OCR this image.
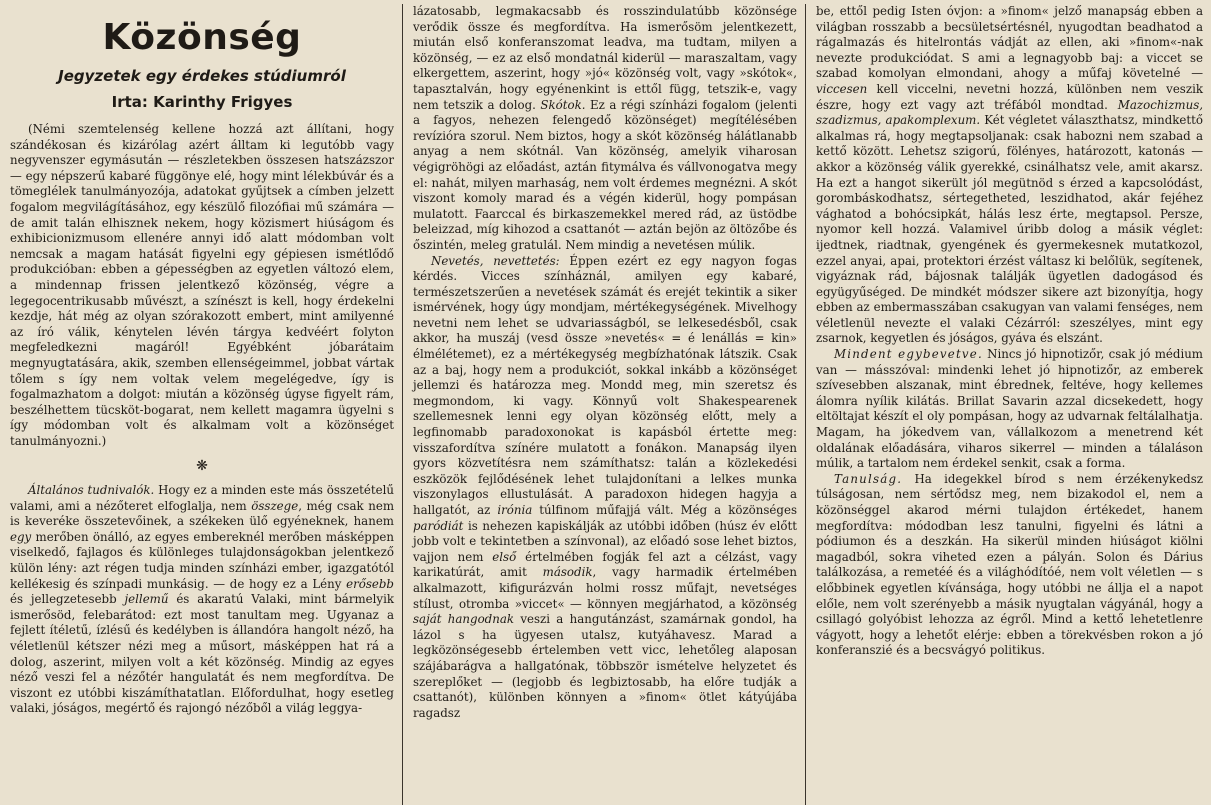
Közönség
Jegyzetek egy érdekes stúdiumról
Irta: Karinthy Frigyes

(Némi szemtelenség kellene hozzá azt állítani, hogy szándékosan és kizárólag azért álltam ki legutóbb vagy negyvenszer egymásután — részletekben összesen hatszázszor — egy népszerű kabaré függönye elé, hogy mint lélekbúvár és a tömeglélek tanulmányozója, adatokat gyűjtsek a címben jelzett fogalom megvilágításához, egy készülő filozófiai mű számára — de amit talán elhisznek nekem, hogy közismert hiúságom és exhibicionizmusom ellenére annyi idő alatt módomban volt nemcsak a magam hatását figyelni egy gépiesen ismétlődő produkcióban: ebben a gépességben az egyetlen változó elem, a mindennap frissen jelentkező közönség, végre a legegocentrikusabb művészt, a színészt is kell, hogy érdekelni kezdje, hát még az olyan szórakozott embert, mint amilyenné az író válik, kénytelen lévén tárgya kedvéért folyton megfeledkezni magáról! Egyébként jóbarátaim megnyugtatására, akik, szemben ellenségeimmel, jobbat vártak tőlem s így nem voltak velem megelégedve, így is fogalmazhatom a dolgot: miután a közönség úgyse figyelt rám, beszélhettem tücsköt-bogarat, nem kellett magamra ügyelni s így módomban volt és alkalmam volt a közönséget tanulmányozni.)

❋

Általános tudnivalók. Hogy ez a minden este más összetételű valami, ami a nézőteret elfoglalja, nem összege, még csak nem is keveréke összetevőinek, a székeken ülő egyéneknek, hanem egy merőben önálló, az egyes embereknél merőben másképpen viselkedő, fajlagos és különleges tulajdonságokban jelentkező külön lény: azt régen tudja minden színházi ember, igazgatótól kellékesig és színpadi munkásig. — de hogy ez a Lény erősebb és jellegzetesebb jellemű és akaratú Valaki, mint bármelyik ismerősöd, felebarátod: ezt most tanultam meg. Ugyanaz a fejlett ítéletű, ízlésű és kedélyben is állandóra hangolt néző, ha véletlenül kétszer nézi meg a műsort, másképpen hat rá a dolog, aszerint, milyen volt a két közönség. Mindig az egyes néző veszi fel a nézőtér hangulatát és nem megfordítva. De viszont ez utóbbi kiszámíthatatlan. Előfordulhat, hogy esetleg valaki, jóságos, megértő és rajongó nézőből a világ leggya-

lázatosabb, legmakacsabb és rosszindulatúbb közönsége verődik össze és megfordítva. Ha ismerősöm jelentkezett, miután első konferanszomat leadva, ma tudtam, milyen a közönség, — ez az első mondatnál kiderül — maraszaltam, vagy elkergettem, aszerint, hogy »jó« közönség volt, vagy »skótok«, tapasztalván, hogy egyénenkint is ettől függ, tetszik-e, vagy nem tetszik a dolog. Skótok. Ez a régi színházi fogalom (jelenti a fagyos, nehezen felengedő közönséget) megítélésében revízióra szorul. Nem biztos, hogy a skót közönség hálátlanabb anyag a nem skótnál. Van közönség, amelyik viharosan végigröhögi az előadást, aztán fitymálva és vállvonogatva megy el: nahát, milyen marhaság, nem volt érdemes megnézni. A skót viszont komoly marad és a végén kiderül, hogy pompásan mulatott. Faarccal és birkaszemekkel mered rád, az üstödbe beleizzad, míg kihozod a csattanót — aztán bejön az öltözőbe és őszintén, meleg gratulál. Nem mindig a nevetésen múlik.

Nevetés, nevettetés: Éppen ezért ez egy nagyon fogas kérdés. Vicces színháznál, amilyen egy kabaré, természetszerűen a nevetések számát és erejét tekintik a siker ismérvének, hogy úgy mondjam, mértékegységének. Mivelhogy nevetni nem lehet se udvariasságból, se lelkesedésből, csak akkor, ha muszáj (vesd össze »nevetés« = é lenállás = kin» élmélétemet), ez a mértékegység megbízhatónak látszik. Csak az a baj, hogy nem a produkciót, sokkal inkább a közönséget jellemzi és határozza meg. Mondd meg, min szeretsz és megmondom, ki vagy. Könnyű volt Shakespearenek szellemesnek lenni egy olyan közönség előtt, mely a legfinomabb paradoxonokat is kapásból értette meg: visszafordítva színére mulatott a fonákon. Manapság ilyen gyors közvetítésra nem számíthatsz: talán a közlekedési eszközök fejlődésének lehet tulajdonítani a lelkes munka viszonylagos ellustulását. A paradoxon hidegen hagyja a hallgatót, az irónia túlfinom műfajjá vált. Még a közönséges paródiát is nehezen kapiskálják az utóbbi időben (húsz év előtt jobb volt e tekintetben a színvonal), az előadó sose lehet biztos, vajjon nem első értelmében fogják fel azt a célzást, vagy karikatúrát, amit második, vagy harmadik értelmében alkalmazott, kifigurázván holmi rossz műfajt, nevetséges stílust, otromba »viccet« — könnyen megjárhatod, a közönség saját hangodnak veszi a hangutánzást, szamárnak gondol, ha lázol s ha ügyesen utalsz, kutyáhavesz. Marad a legközönségesebb értelemben vett vicc, lehetőleg alaposan szájábarágva a hallgatónak, többször ismételve helyzetet és szereplőket — (legjobb és legbiztosabb, ha előre tudják a csattanót), különben könnyen a »finom« ötlet kátyújába ragadsz

be, ettől pedig Isten óvjon: a »finom« jelző manapság ebben a világban rosszabb a becsületsértésnél, nyugodtan beadhatod a rágalmazás és hitelrontás vádját az ellen, aki »finom«-nak nevezte produkciódat. S ami a legnagyobb baj: a viccet se szabad komolyan elmondani, ahogy a műfaj követelné — viccesen kell viccelni, nevetni hozzá, különben nem veszik észre, hogy ezt vagy azt tréfából mondtad. Mazochizmus, szadizmus, apakomplexum. Két végletet választhatsz, mindkettő alkalmas rá, hogy megtapsoljanak: csak habozni nem szabad a kettő között. Lehetsz szigorú, fölényes, határozott, katonás — akkor a közönség válik gyerekké, csinálhatsz vele, amit akarsz. Ha ezt a hangot sikerült jól megütnöd s érzed a kapcsolódást, gorombáskodhatsz, sértegetheted, leszidhatod, akár fejéhez vághatod a bohócsipkát, hálás lesz érte, megtapsol. Persze, nyomor kell hozzá. Valamivel úribb dolog a másik véglet: ijedtnek, riadtnak, gyengének és gyermekesnek mutatkozol, ezzel anyai, apai, protektori érzést váltasz ki belőlük, segítenek, vigyáznak rád, bájosnak találják ügyetlen dadogásod és együgyűséged. De mindkét módszer sikere azt bizonyítja, hogy ebben az embermasszában csakugyan van valami fenséges, nem véletlenül nevezte el valaki Cézárról: szeszélyes, mint egy zsarnok, kegyetlen és jóságos, gyáva és elszánt.

Mindent egybevetve. Nincs jó hipnotizőr, csak jó médium van — másszóval: mindenki lehet jó hipnotizőr, az emberek szívesebben alszanak, mint ébrednek, feltéve, hogy kellemes álomra nyílik kilátás. Brillat Savarin azzal dicsekedett, hogy eltöltajat készít el oly pompásan, hogy az udvarnak feltálalhatja. Magam, ha jókedvem van, vállalkozom a menetrend két oldalának előadására, viharos sikerrel — minden a tálaláson múlik, a tartalom nem érdekel senkit, csak a forma.

Tanulság. Ha idegekkel bírod s nem érzékenykedsz túlságosan, nem sértődsz meg, nem bizakodol el, nem a közönséggel akarod mérni tulajdon értékedet, hanem megfordítva: módodban lesz tanulni, figyelni és látni a pódiumon és a deszkán. Ha sikerül minden hiúságot kiölni magadból, sokra viheted ezen a pályán. Solon és Dárius találkozása, a remetéé és a világhódítóé, nem volt véletlen — s előbbinek egyetlen kívánsága, hogy utóbbi ne állja el a napot előle, nem volt szerényebb a másik nyugtalan vágyánál, hogy a csillagó golyóbist lehozza az égről. Mind a kettő lehetetlenre vágyott, hogy a lehetőt elérje: ebben a törekvésben rokon a jó konferanszié és a becsvágyó politikus.
